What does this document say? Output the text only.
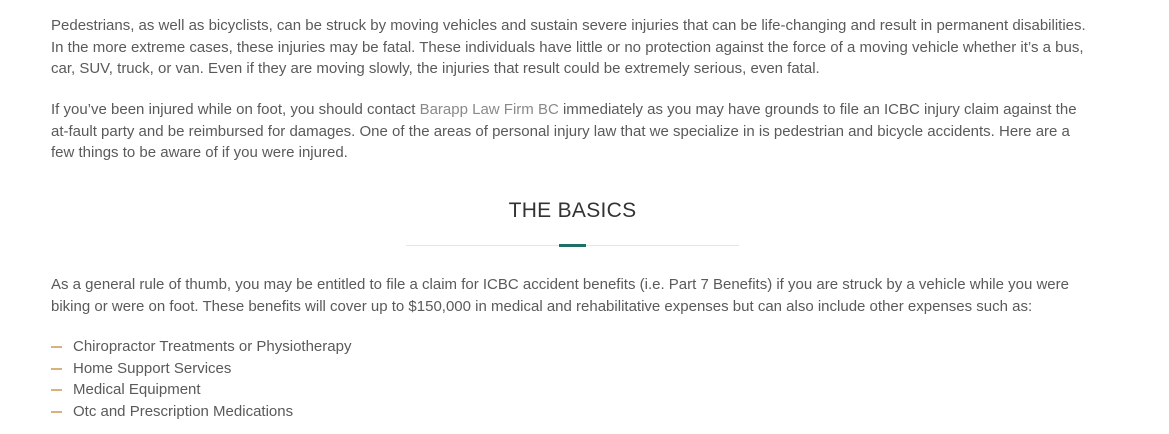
Pedestrians, as well as bicyclists, can be struck by moving vehicles and sustain severe injuries that can be life-changing and result in permanent disabilities. In the more extreme cases, these injuries may be fatal. These individuals have little or no protection against the force of a moving vehicle whether it’s a bus, car, SUV, truck, or van. Even if they are moving slowly, the injuries that result could be extremely serious, even fatal.

If you’ve been injured while on foot, you should contact Barapp Law Firm BC immediately as you may have grounds to file an ICBC injury claim against the at-fault party and be reimbursed for damages. One of the areas of personal injury law that we specialize in is pedestrian and bicycle accidents. Here are a few things to be aware of if you were injured.

THE BASICS

As a general rule of thumb, you may be entitled to file a claim for ICBC accident benefits (i.e. Part 7 Benefits) if you are struck by a vehicle while you were biking or were on foot. These benefits will cover up to $150,000 in medical and rehabilitative expenses but can also include other expenses such as:

Chiropractor Treatments or Physiotherapy
Home Support Services
Medical Equipment
Otc and Prescription Medications
